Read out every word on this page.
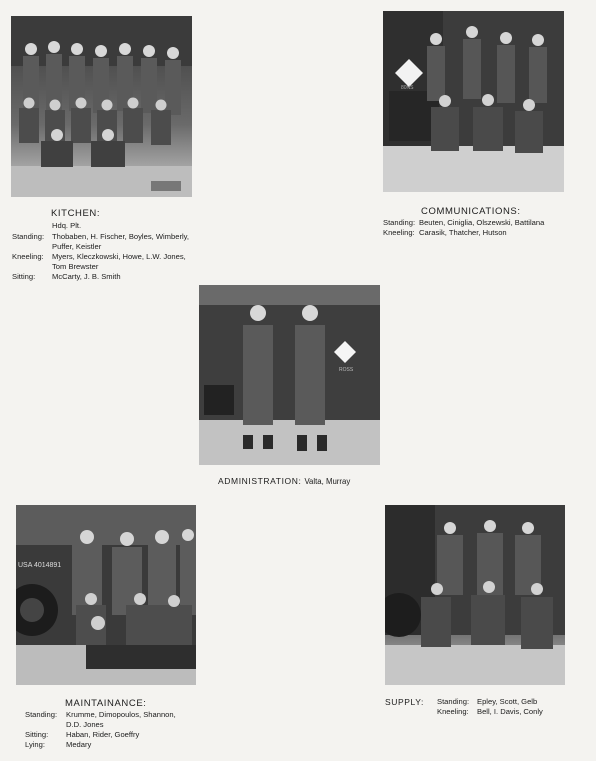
KITCHEN:
Hdq. Plt.
Standing:	Thobaben, H. Fischer, Boyles, Wimberly,
Puffer, Keistler
Kneeling:	Myers, Kleczkowski, Howe, L.W. Jones,
Tom Brewster
Sitting:	McCarty, J. B. Smith
80NS
COMMUNICATIONS:
Standing: Beuten, Ciniglia, Olszewski, Battilana
Kneeling: Carasik, Thatcher, Hutson
ROSS
ADMINISTRATION: Valta, Murray
USA 4014891
MAINTAINANCE:
Standing:	Krumme, Dimopoulos, Shannon,
D.D. Jones
Sitting:	Haban, Rider, Goeffry
Lying:	Medary
SUPPLY:	Standing:	Epley, Scott, Gelb
Kneeling:	Bell, I. Davis, Conly
